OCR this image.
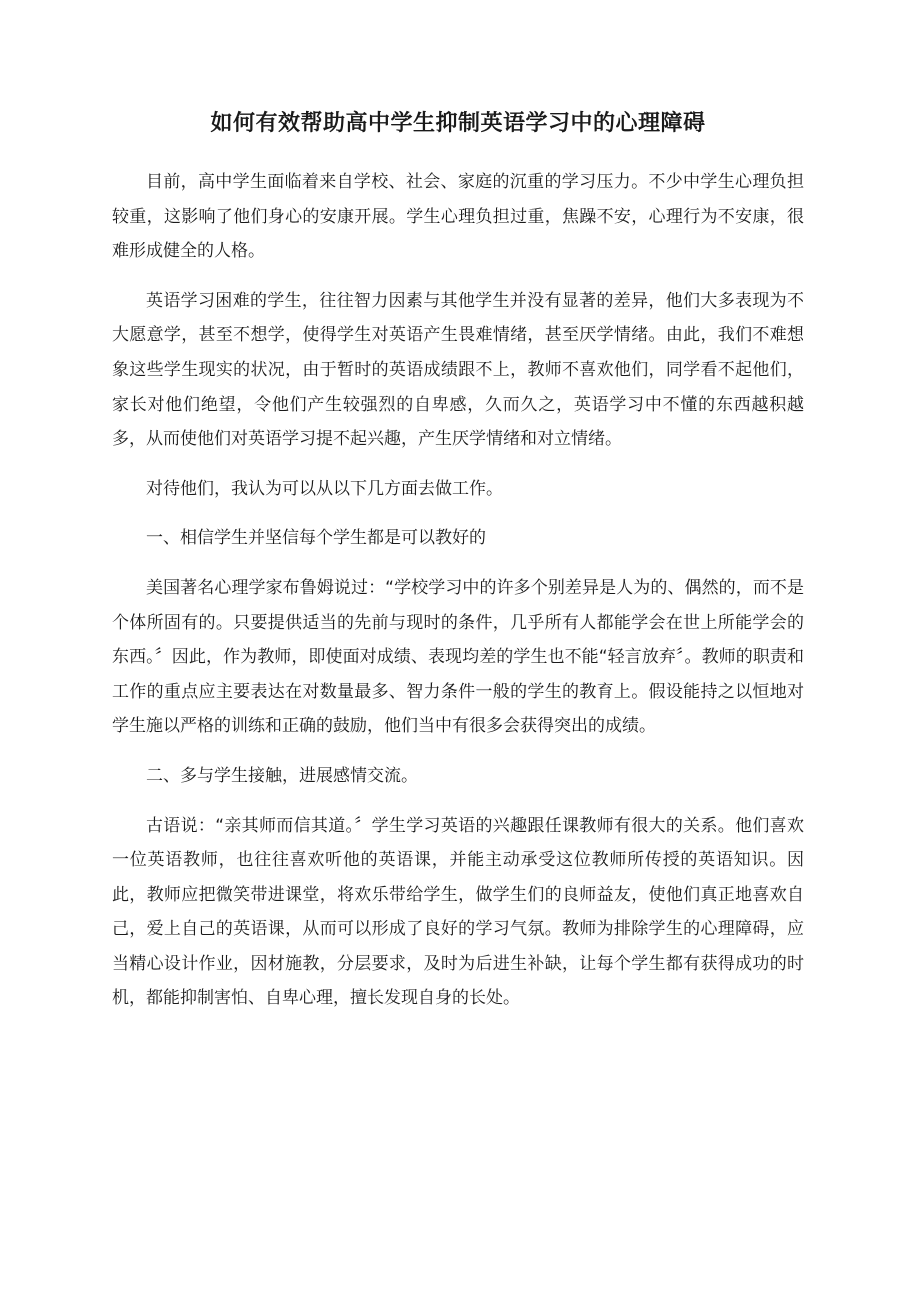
如何有效帮助高中学生抑制英语学习中的心理障碍

目前，高中学生面临着来自学校、社会、家庭的沉重的学习压力。不少中学生心理负担较重，这影响了他们身心的安康开展。学生心理负担过重，焦躁不安，心理行为不安康，很难形成健全的人格。

英语学习困难的学生，往往智力因素与其他学生并没有显著的差异，他们大多表现为不大愿意学，甚至不想学，使得学生对英语产生畏难情绪，甚至厌学情绪。由此，我们不难想象这些学生现实的状况，由于暂时的英语成绩跟不上，教师不喜欢他们，同学看不起他们，家长对他们绝望，令他们产生较强烈的自卑感，久而久之，英语学习中不懂的东西越积越多，从而使他们对英语学习提不起兴趣，产生厌学情绪和对立情绪。

对待他们，我认为可以从以下几方面去做工作。

一、相信学生并坚信每个学生都是可以教好的

美国著名心理学家布鲁姆说过：“学校学习中的许多个别差异是人为的、偶然的，而不是个体所固有的。只要提供适当的先前与现时的条件，几乎所有人都能学会在世上所能学会的东西。〞因此，作为教师，即使面对成绩、表现均差的学生也不能“轻言放弃〞。教师的职责和工作的重点应主要表达在对数量最多、智力条件一般的学生的教育上。假设能持之以恒地对学生施以严格的训练和正确的鼓励，他们当中有很多会获得突出的成绩。

二、多与学生接触，进展感情交流。

古语说：“亲其师而信其道。〞学生学习英语的兴趣跟任课教师有很大的关系。他们喜欢一位英语教师，也往往喜欢听他的英语课，并能主动承受这位教师所传授的英语知识。因此，教师应把微笑带进课堂，将欢乐带给学生，做学生们的良师益友，使他们真正地喜欢自己，爱上自己的英语课，从而可以形成了良好的学习气氛。教师为排除学生的心理障碍，应当精心设计作业，因材施教，分层要求，及时为后进生补缺，让每个学生都有获得成功的时机，都能抑制害怕、自卑心理，擅长发现自身的长处。
